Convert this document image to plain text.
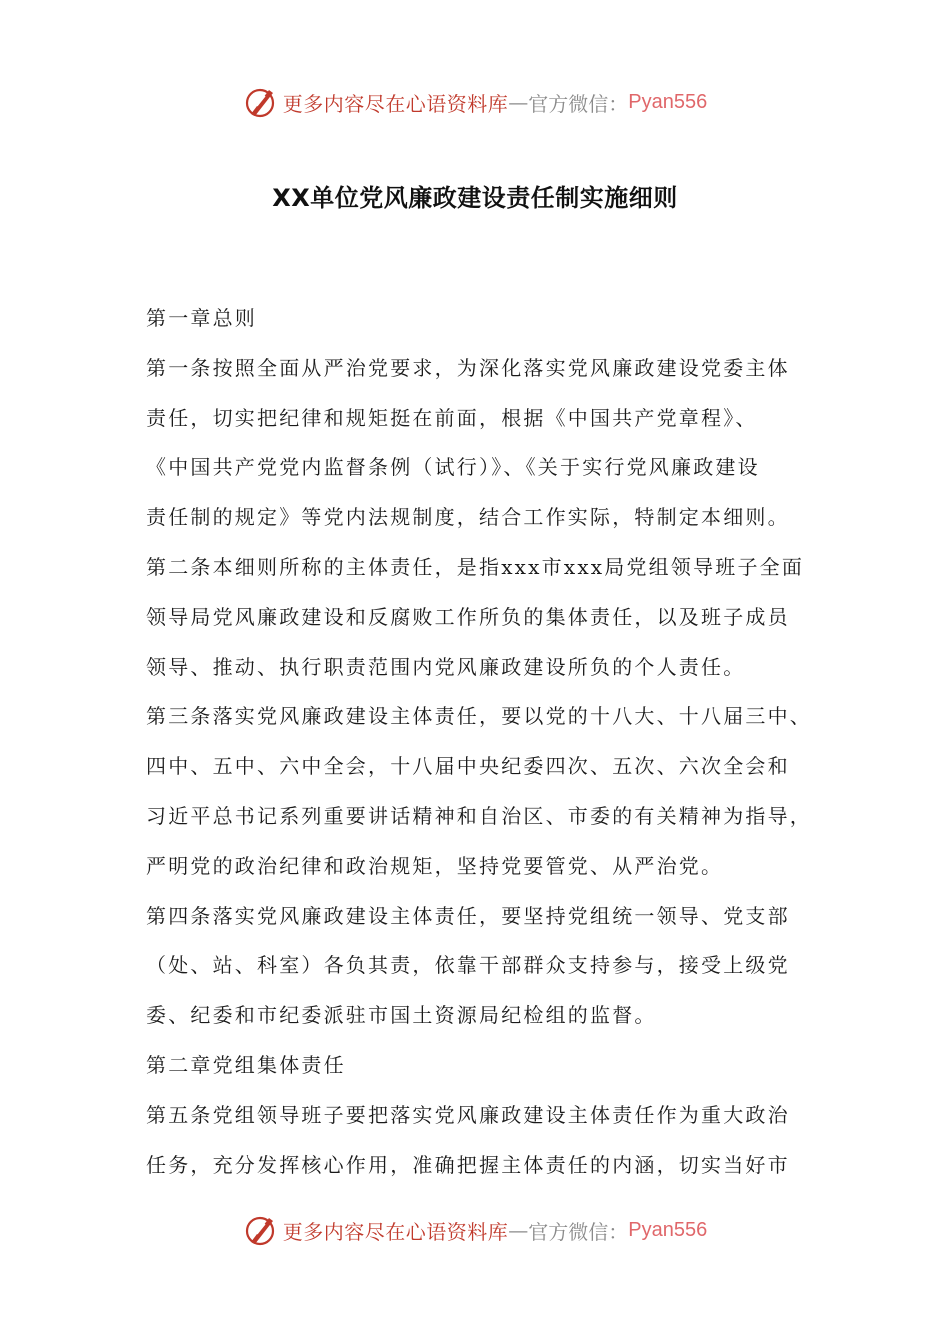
更多内容尽在心语资料库 — 官方微信： Pyan556
XX单位党风廉政建设责任制实施细则
第一章总则
第一条按照全面从严治党要求，为深化落实党风廉政建设党委主体
责任，切实把纪律和规矩挺在前面，根据《中国共产党章程》、
《中国共产党党内监督条例（试行）》、《关于实行党风廉政建设
责任制的规定》等党内法规制度，结合工作实际，特制定本细则。
第二条本细则所称的主体责任，是指xxx市xxx局党组领导班子全面
领导局党风廉政建设和反腐败工作所负的集体责任，以及班子成员
领导、推动、执行职责范围内党风廉政建设所负的个人责任。
第三条落实党风廉政建设主体责任，要以党的十八大、十八届三中、
四中、五中、六中全会，十八届中央纪委四次、五次、六次全会和
习近平总书记系列重要讲话精神和自治区、市委的有关精神为指导，
严明党的政治纪律和政治规矩，坚持党要管党、从严治党。
第四条落实党风廉政建设主体责任，要坚持党组统一领导、党支部
（处、站、科室）各负其责，依靠干部群众支持参与，接受上级党
委、纪委和市纪委派驻市国土资源局纪检组的监督。
第二章党组集体责任
第五条党组领导班子要把落实党风廉政建设主体责任作为重大政治
任务，充分发挥核心作用，准确把握主体责任的内涵，切实当好市
更多内容尽在心语资料库 — 官方微信： Pyan556
